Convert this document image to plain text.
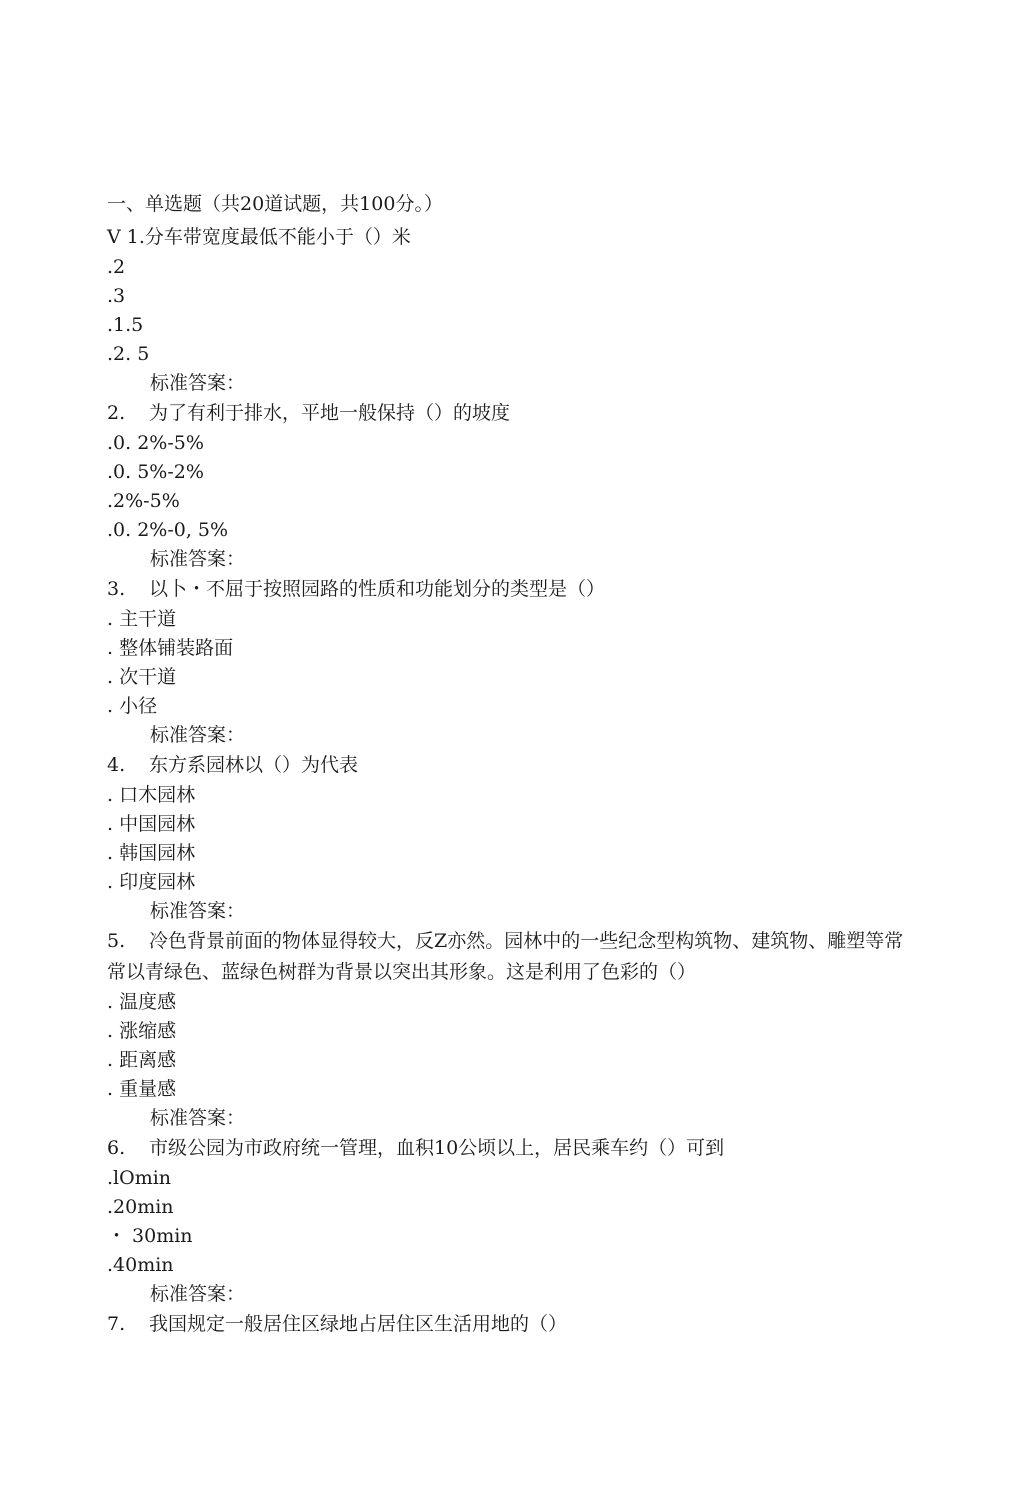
一、单选题（共20道试题，共100分。）
V 1.分车带宽度最低不能小于（）米
.2
.3
.1.5
.2. 5
标准答案：
2. 为了有利于排水，平地一般保持（）的坡度
.0. 2%-5%
.0. 5%-2%
.2%-5%
.0. 2%-0, 5%
标准答案：
3. 以卜・不屈于按照园路的性质和功能划分的类型是（）
. 主干道
. 整体铺装路面
. 次干道
. 小径
标准答案：
4. 东方系园林以（）为代表
. 口木园林
. 中国园林
. 韩国园林
. 印度园林
标准答案：
5. 冷色背景前面的物体显得较大，反Z亦然。园林中的一些纪念型构筑物、建筑物、雕塑等常常以青绿色、蓝绿色树群为背景以突出其形象。这是利用了色彩的（）
. 温度感
. 涨缩感
. 距离感
. 重量感
标准答案：
6. 市级公园为市政府统一管理，血积10公顷以上，居民乘车约（）可到
.lOmin
.20min
・ 30min
.40min
标准答案：
7. 我国规定一般居住区绿地占居住区生活用地的（）
